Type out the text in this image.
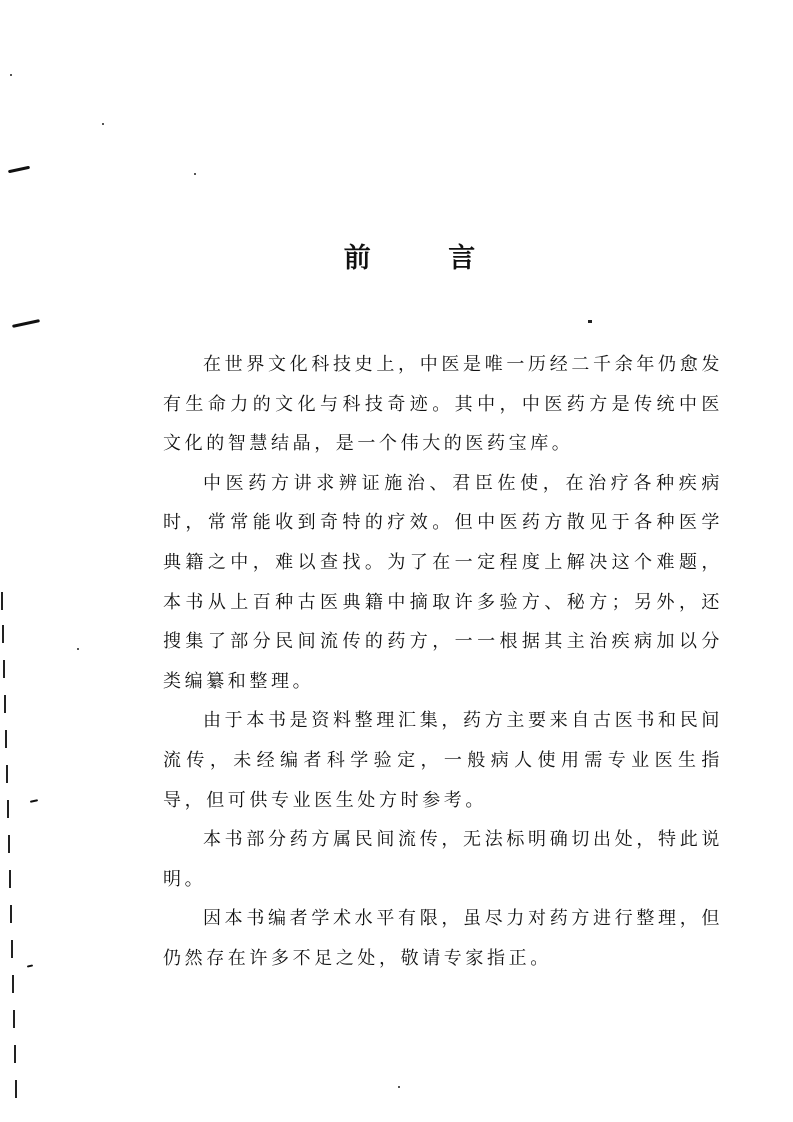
前 言

在世界文化科技史上，中医是唯一历经二千余年仍愈发有生命力的文化与科技奇迹。其中，中医药方是传统中医文化的智慧结晶，是一个伟大的医药宝库。

中医药方讲求辨证施治、君臣佐使，在治疗各种疾病时，常常能收到奇特的疗效。但中医药方散见于各种医学典籍之中，难以查找。为了在一定程度上解决这个难题，本书从上百种古医典籍中摘取许多验方、秘方；另外，还搜集了部分民间流传的药方，一一根据其主治疾病加以分类编纂和整理。

由于本书是资料整理汇集，药方主要来自古医书和民间流传，未经编者科学验定，一般病人使用需专业医生指导，但可供专业医生处方时参考。

本书部分药方属民间流传，无法标明确切出处，特此说明。

因本书编者学术水平有限，虽尽力对药方进行整理，但仍然存在许多不足之处，敬请专家指正。
